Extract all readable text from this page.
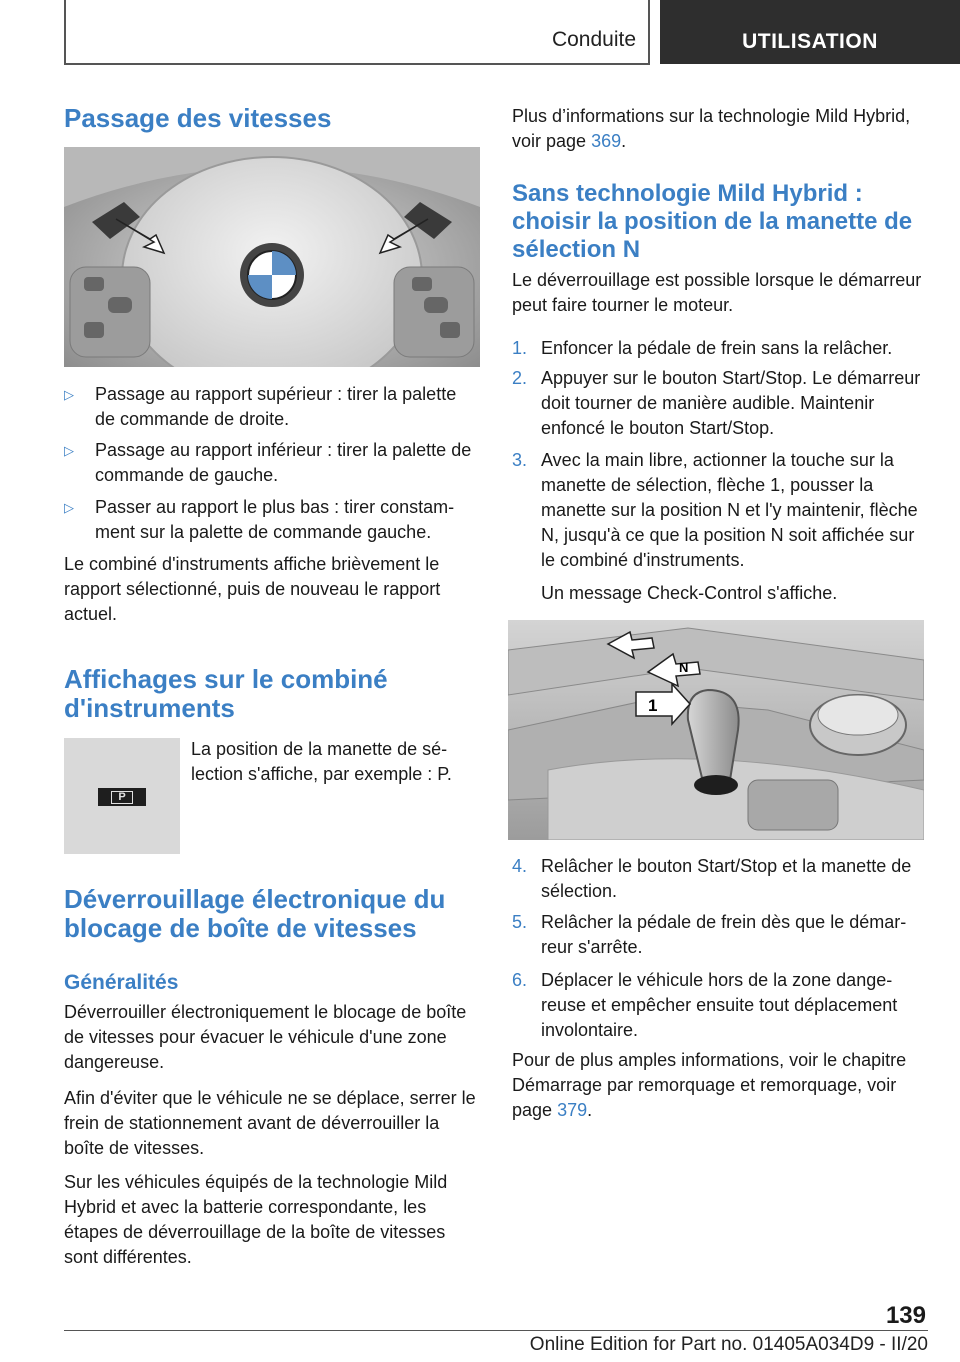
Conduite	UTILISATION
Passage des vitesses
▷ Passage au rapport supérieur : tirer la palette de commande de droite.
▷ Passage au rapport inférieur : tirer la palette de commande de gauche.
▷ Passer au rapport le plus bas : tirer constamment sur la palette de commande gauche.
Le combiné d'instruments affiche brièvement le rapport sélectionné, puis de nouveau le rapport actuel.
Affichages sur le combiné d'instruments
P
La position de la manette de sélection s'affiche, par exemple : P.
Déverrouillage électronique du blocage de boîte de vitesses
Généralités
Déverrouiller électroniquement le blocage de boîte de vitesses pour évacuer le véhicule d'une zone dangereuse.
Afin d'éviter que le véhicule ne se déplace, serrer le frein de stationnement avant de déverrouiller la boîte de vitesses.
Sur les véhicules équipés de la technologie Mild Hybrid et avec la batterie correspondante, les étapes de déverrouillage de la boîte de vitesses sont différentes.
Plus d’informations sur la technologie Mild Hybrid, voir page 369.
Sans technologie Mild Hybrid : choisir la position de la manette de sélection N
Le déverrouillage est possible lorsque le démarreur peut faire tourner le moteur.
1. Enfoncer la pédale de frein sans la relâcher.
2. Appuyer sur le bouton Start/Stop. Le démarreur doit tourner de manière audible. Maintenir enfoncé le bouton Start/Stop.
3. Avec la main libre, actionner la touche sur la manette de sélection, flèche 1, pousser la manette sur la position N et l'y maintenir, flèche N, jusqu'à ce que la position N soit affichée sur le combiné d'instruments.
Un message Check-Control s'affiche.
N
1
4. Relâcher le bouton Start/Stop et la manette de sélection.
5. Relâcher la pédale de frein dès que le démarreur s'arrête.
6. Déplacer le véhicule hors de la zone dangereuse et empêcher ensuite tout déplacement involontaire.
Pour de plus amples informations, voir le chapitre Démarrage par remorquage et remorquage, voir page 379.
139
Online Edition for Part no. 01405A034D9 - II/20
